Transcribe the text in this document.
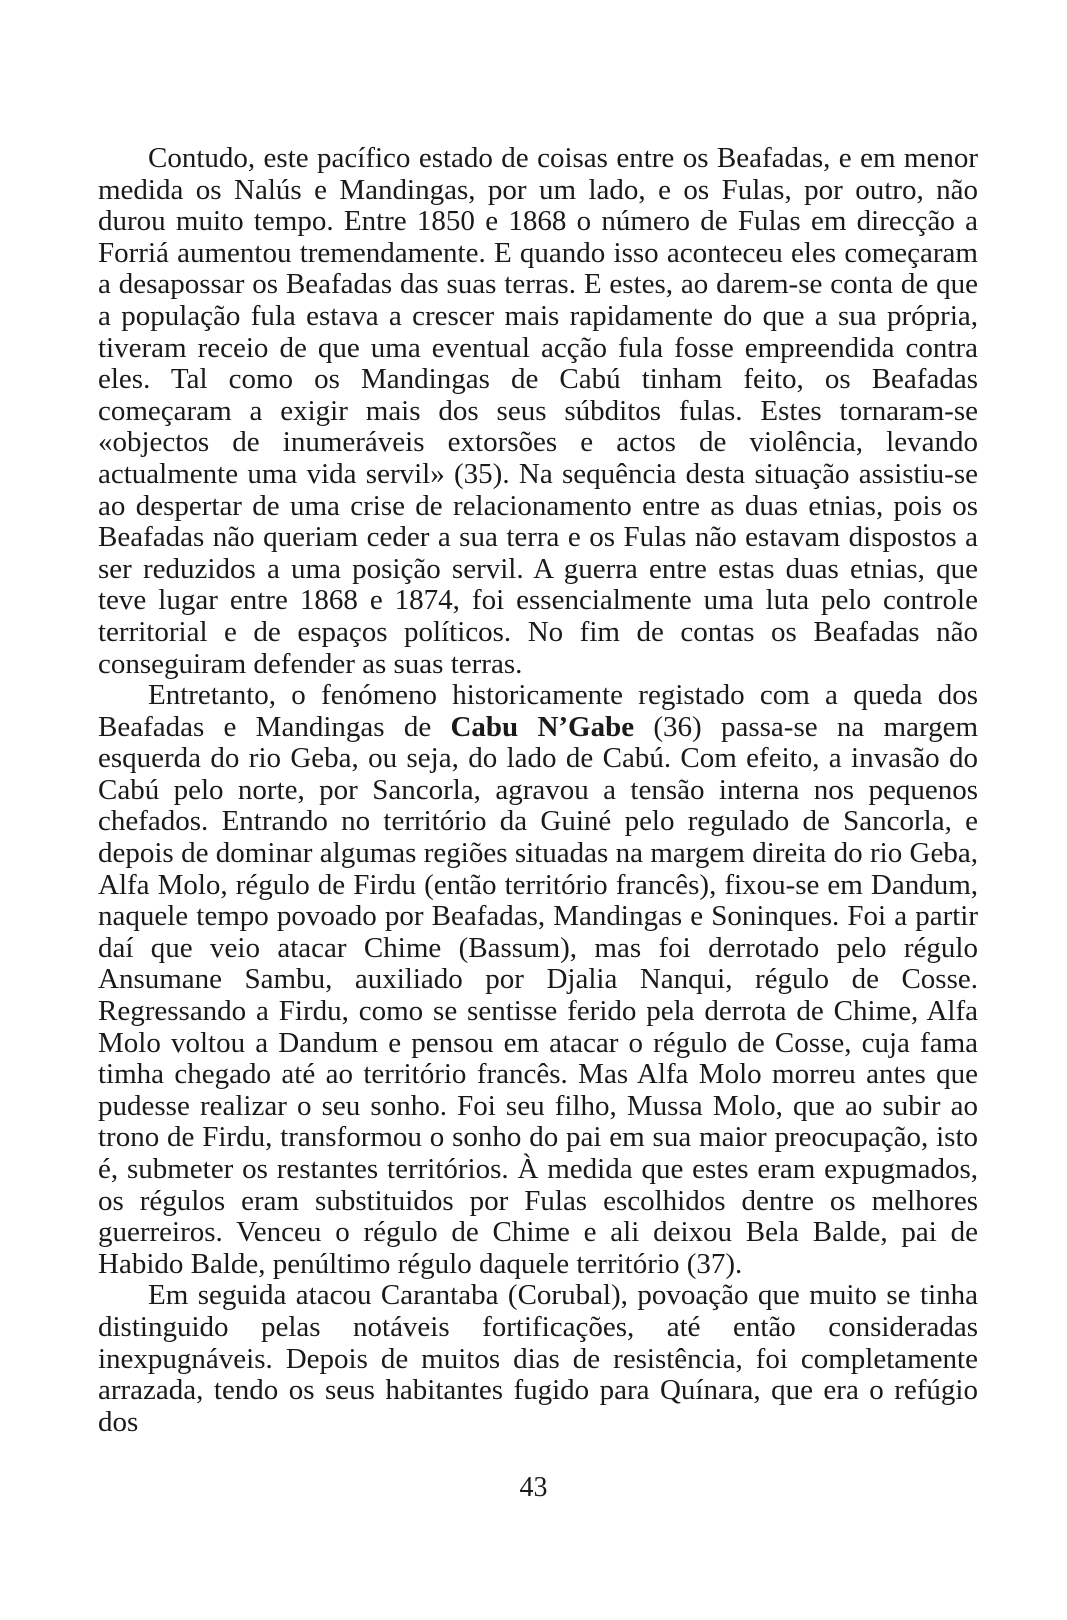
Contudo, este pacífico estado de coisas entre os Beafadas, e em menor medida os Nalús e Mandingas, por um lado, e os Fulas, por outro, não durou muito tempo. Entre 1850 e 1868 o número de Fulas em direcção a Forriá aumentou tremendamente. E quando isso aconteceu eles começaram a desapossar os Beafadas das suas terras. E estes, ao darem-se conta de que a população fula estava a crescer mais rapidamente do que a sua própria, tiveram receio de que uma eventual acção fula fosse empreendida contra eles. Tal como os Mandingas de Cabú tinham feito, os Beafadas começaram a exigir mais dos seus súbditos fulas. Estes tornaram-se «objectos de inumeráveis extorsões e actos de violência, levando actualmente uma vida servil» (35). Na sequência desta situação assistiu-se ao despertar de uma crise de relacionamento entre as duas etnias, pois os Beafadas não queriam ceder a sua terra e os Fulas não estavam dispostos a ser reduzidos a uma posição servil. A guerra entre estas duas etnias, que teve lugar entre 1868 e 1874, foi essencialmente uma luta pelo controle territorial e de espaços políticos. No fim de contas os Beafadas não conseguiram defender as suas terras.

Entretanto, o fenómeno historicamente registado com a queda dos Beafadas e Mandingas de Cabu N’Gabe (36) passa-se na margem esquerda do rio Geba, ou seja, do lado de Cabú. Com efeito, a invasão do Cabú pelo norte, por Sancorla, agravou a tensão interna nos pequenos chefados. Entrando no território da Guiné pelo regulado de Sancorla, e depois de dominar algumas regiões situadas na margem direita do rio Geba, Alfa Molo, régulo de Firdu (então território francês), fixou-se em Dandum, naquele tempo povoado por Beafadas, Mandingas e Soninques. Foi a partir daí que veio atacar Chime (Bassum), mas foi derrotado pelo régulo Ansumane Sambu, auxiliado por Djalia Nanqui, régulo de Cosse. Regressando a Firdu, como se sentisse ferido pela derrota de Chime, Alfa Molo voltou a Dandum e pensou em atacar o régulo de Cosse, cuja fama timha chegado até ao território francês. Mas Alfa Molo morreu antes que pudesse realizar o seu sonho. Foi seu filho, Mussa Molo, que ao subir ao trono de Firdu, transformou o sonho do pai em sua maior preocupação, isto é, submeter os restantes territórios. À medida que estes eram expugmados, os régulos eram substituidos por Fulas escolhidos dentre os melhores guerreiros. Venceu o régulo de Chime e ali deixou Bela Balde, pai de Habido Balde, penúltimo régulo daquele território (37).

Em seguida atacou Carantaba (Corubal), povoação que muito se tinha distinguido pelas notáveis fortificações, até então consideradas inexpugnáveis. Depois de muitos dias de resistência, foi completamente arrazada, tendo os seus habitantes fugido para Quínara, que era o refúgio dos

43
